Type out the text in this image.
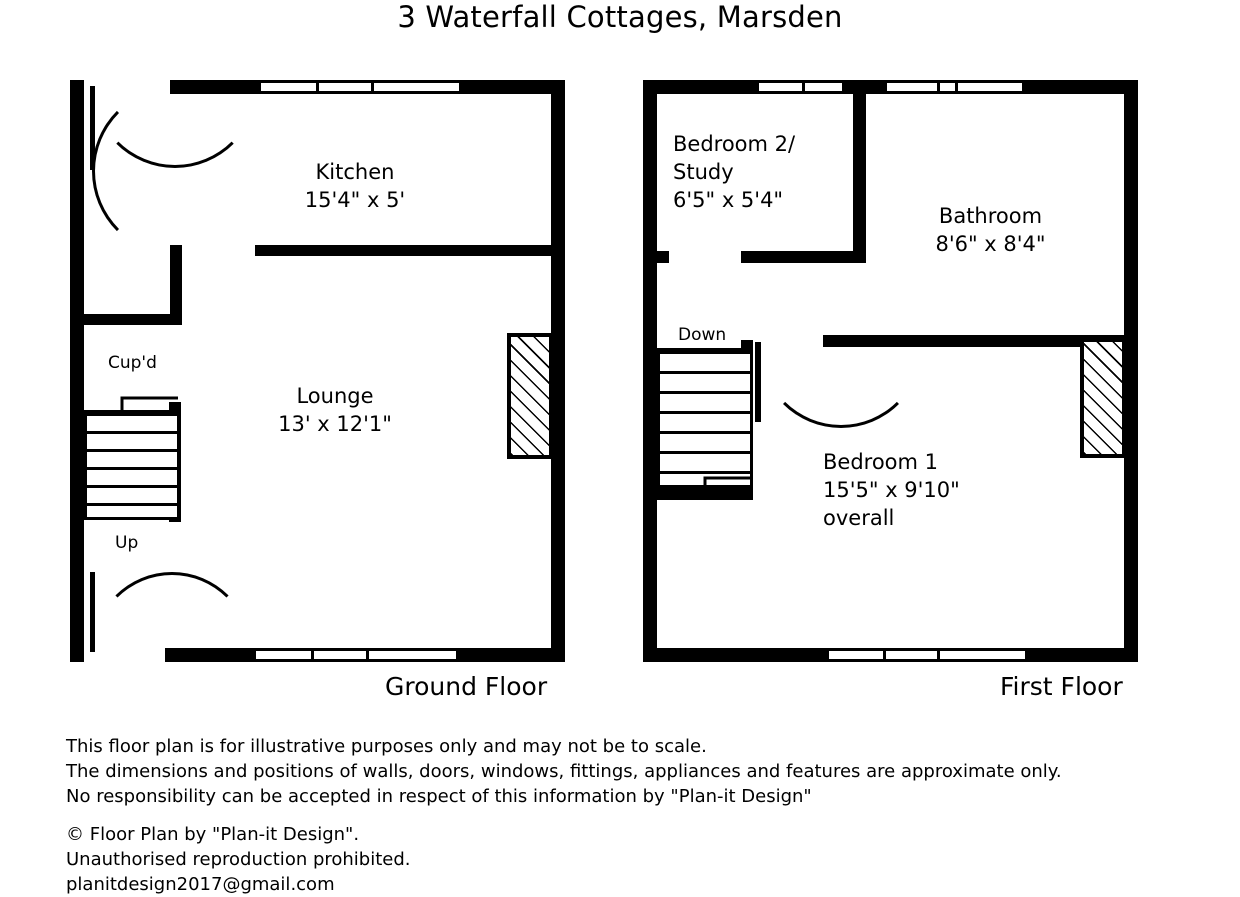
3 Waterfall Cottages, Marsden
Kitchen
15'4" x 5'
Lounge
13' x 12'1"
Cup'd
Up
Bedroom 2/
Study
6'5" x 5'4"
Bathroom
8'6" x 8'4"
Bedroom 1
15'5" x 9'10"
overall
Down
Ground Floor	First Floor
This floor plan is for illustrative purposes only and may not be to scale.
The dimensions and positions of walls, doors, windows, fittings, appliances and features are approximate only.
No responsibility can be accepted in respect of this information by "Plan-it Design"
© Floor Plan by "Plan-it Design".
Unauthorised reproduction prohibited.
planitdesign2017@gmail.com
